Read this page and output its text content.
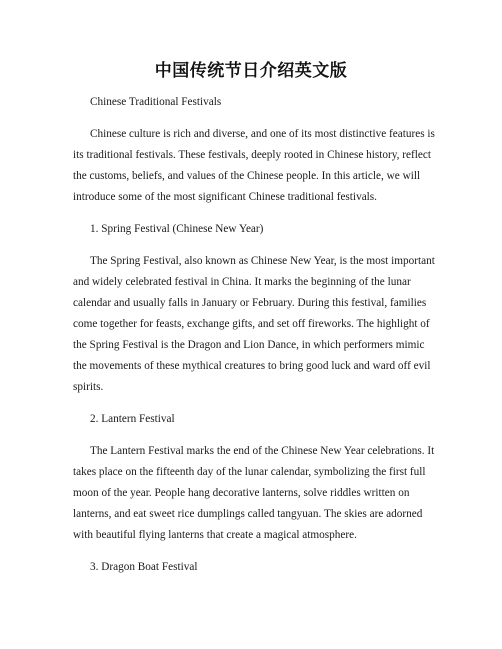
中国传统节日介绍英文版

Chinese Traditional Festivals

Chinese culture is rich and diverse, and one of its most distinctive features is its traditional festivals. These festivals, deeply rooted in Chinese history, reflect the customs, beliefs, and values of the Chinese people. In this article, we will introduce some of the most significant Chinese traditional festivals.

1. Spring Festival (Chinese New Year)

The Spring Festival, also known as Chinese New Year, is the most important and widely celebrated festival in China. It marks the beginning of the lunar calendar and usually falls in January or February. During this festival, families come together for feasts, exchange gifts, and set off fireworks. The highlight of the Spring Festival is the Dragon and Lion Dance, in which performers mimic the movements of these mythical creatures to bring good luck and ward off evil spirits.

2. Lantern Festival

The Lantern Festival marks the end of the Chinese New Year celebrations. It takes place on the fifteenth day of the lunar calendar, symbolizing the first full moon of the year. People hang decorative lanterns, solve riddles written on lanterns, and eat sweet rice dumplings called tangyuan. The skies are adorned with beautiful flying lanterns that create a magical atmosphere.

3. Dragon Boat Festival
